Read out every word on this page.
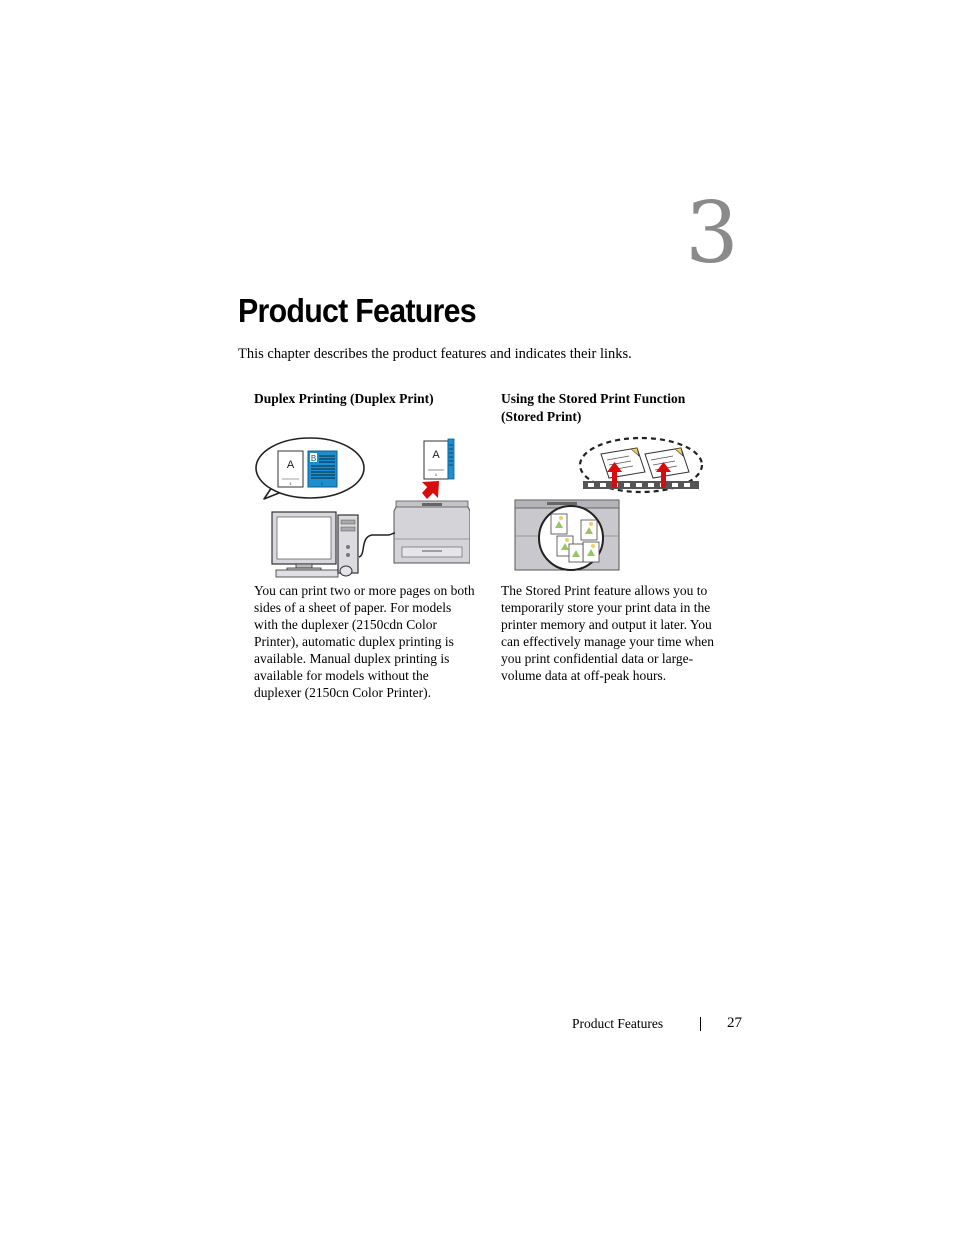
3
Product Features
This chapter describes the product features and indicates their links.
Duplex Printing (Duplex Print)
A
1
B
2
A
1
You can print two or more pages on both sides of a sheet of paper. For models with the duplexer (2150cdn Color Printer), automatic duplex printing is available. Manual duplex printing is available for models without the duplexer (2150cn Color Printer).
Using the Stored Print Function
(Stored Print)
The Stored Print feature allows you to temporarily store your print data in the printer memory and output it later. You can effectively manage your time when you print confidential data or large-volume data at off-peak hours.
Product Features	27
